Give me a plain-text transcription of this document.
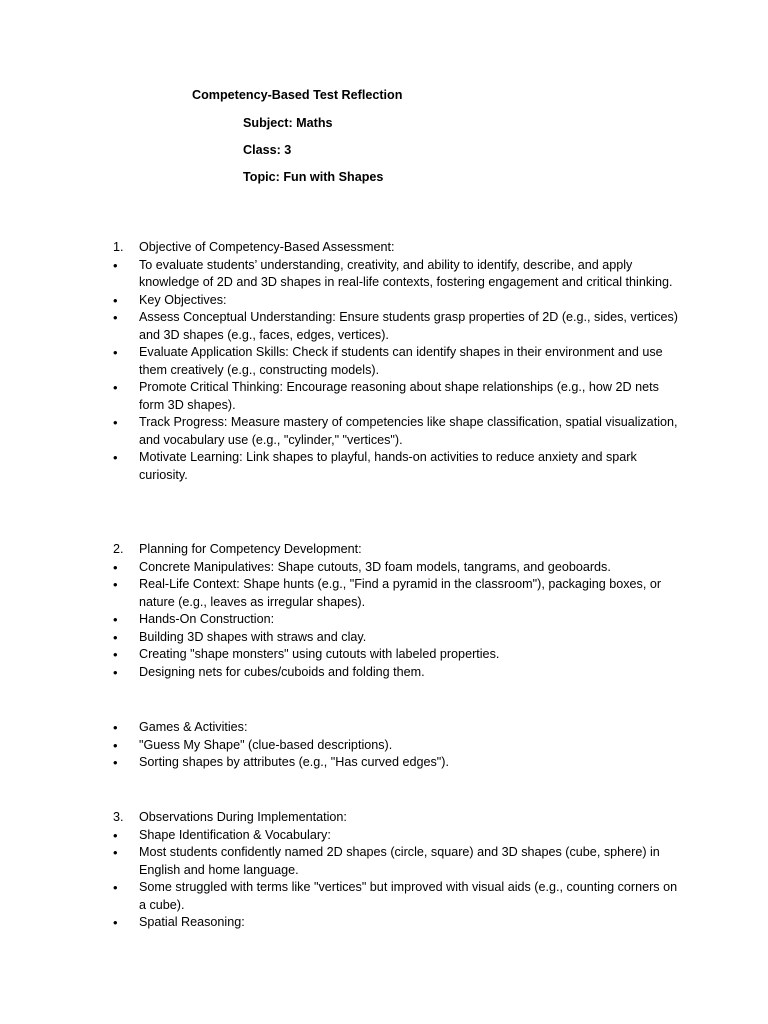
Competency-Based Test Reflection
Subject: Maths
Class: 3
Topic: Fun with Shapes
1.	Objective of Competency-Based Assessment:
•	To evaluate students’ understanding, creativity, and ability to identify, describe, and apply knowledge of 2D and 3D shapes in real-life contexts, fostering engagement and critical thinking.
•	Key Objectives:
•	Assess Conceptual Understanding: Ensure students grasp properties of 2D (e.g., sides, vertices) and 3D shapes (e.g., faces, edges, vertices).
•	Evaluate Application Skills: Check if students can identify shapes in their environment and use them creatively (e.g., constructing models).
•	Promote Critical Thinking: Encourage reasoning about shape relationships (e.g., how 2D nets form 3D shapes).
•	Track Progress: Measure mastery of competencies like shape classification, spatial visualization, and vocabulary use (e.g., "cylinder," "vertices").
•	Motivate Learning: Link shapes to playful, hands-on activities to reduce anxiety and spark curiosity.
2.	Planning for Competency Development:
•	Concrete Manipulatives: Shape cutouts, 3D foam models, tangrams, and geoboards.
•	Real-Life Context: Shape hunts (e.g., "Find a pyramid in the classroom"), packaging boxes, or nature (e.g., leaves as irregular shapes).
•	Hands-On Construction:
•	Building 3D shapes with straws and clay.
•	Creating "shape monsters" using cutouts with labeled properties.
•	Designing nets for cubes/cuboids and folding them.
•	Games & Activities:
•	"Guess My Shape" (clue-based descriptions).
•	Sorting shapes by attributes (e.g., "Has curved edges").
3.	Observations During Implementation:
•	Shape Identification & Vocabulary:
•	Most students confidently named 2D shapes (circle, square) and 3D shapes (cube, sphere) in English and home language.
•	Some struggled with terms like "vertices" but improved with visual aids (e.g., counting corners on a cube).
•	Spatial Reasoning:
